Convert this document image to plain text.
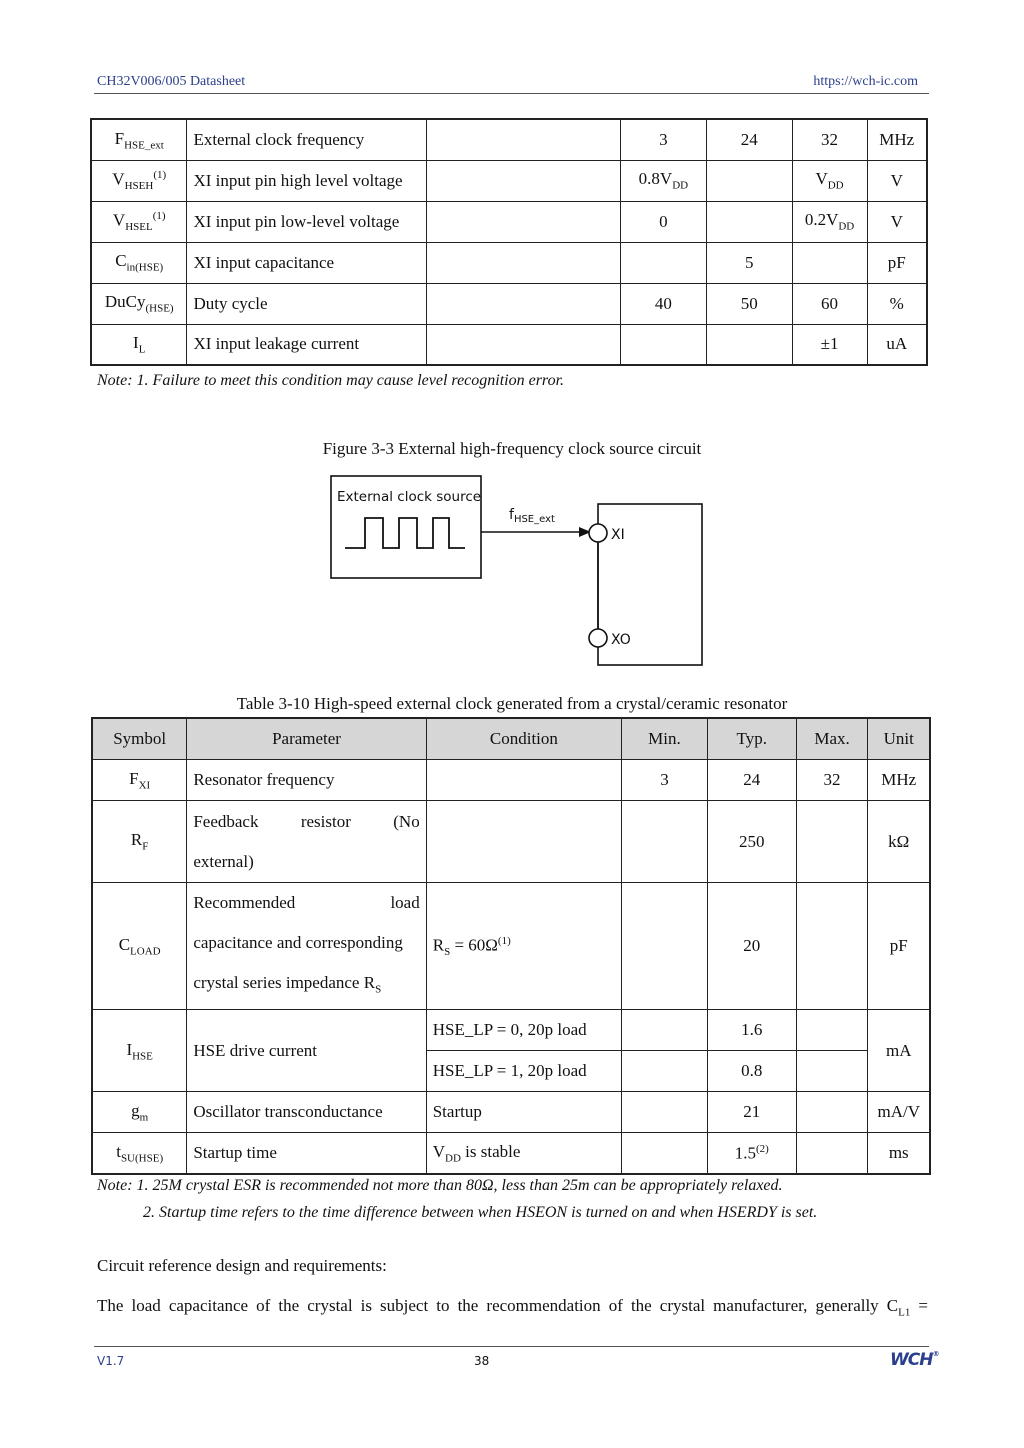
CH32V006/005 Datasheet	https://wch-ic.com
$F_{HSE\_ext}$	External clock frequency		3	24	32	MHz
$V_{HSEH}^{(1)}$	XI input pin high level voltage		$0.8V_{DD}$		$V_{DD}$	V
$V_{HSEL}^{(1)}$	XI input pin low-level voltage		0		$0.2V_{DD}$	V
$C_{in(HSE)}$	XI input capacitance			5		pF
DuCy$_{(HSE)}$	Duty cycle		40	50	60	%
$I_L$	XI input leakage current				±1	uA
Note: 1. Failure to meet this condition may cause level recognition error.
Figure 3-3 External high-frequency clock source circuit
External clock source
$f_{HSE\_ext}$
XI
XO
Table 3-10 High-speed external clock generated from a crystal/ceramic resonator
Symbol	Parameter	Condition	Min.	Typ.	Max.	Unit
$F_{XI}$	Resonator frequency		3	24	32	MHz
$R_F$	Feedback resistor (No
external)			250		kΩ
$C_{LOAD}$	Recommended load
capacitance and corresponding
crystal series impedance $R_S$	$R_S = 60\Omega^{(1)}$		20		pF
$I_{HSE}$	HSE drive current	HSE_LP = 0, 20p load		1.6		mA
		HSE_LP = 1, 20p load		0.8		
$g_m$	Oscillator transconductance	Startup		21		mA/V
$t_{SU(HSE)}$	Startup time	$V_{DD}$ is stable		1.5$^{(2)}$		ms
Note: 1. 25M crystal ESR is recommended not more than 80Ω, less than 25m can be appropriately relaxed.
2. Startup time refers to the time difference between when HSEON is turned on and when HSERDY is set.
Circuit reference design and requirements:
The load capacitance of the crystal is subject to the recommendation of the crystal manufacturer, generally $C_{L1}$ =
V1.7	38	WCH®
